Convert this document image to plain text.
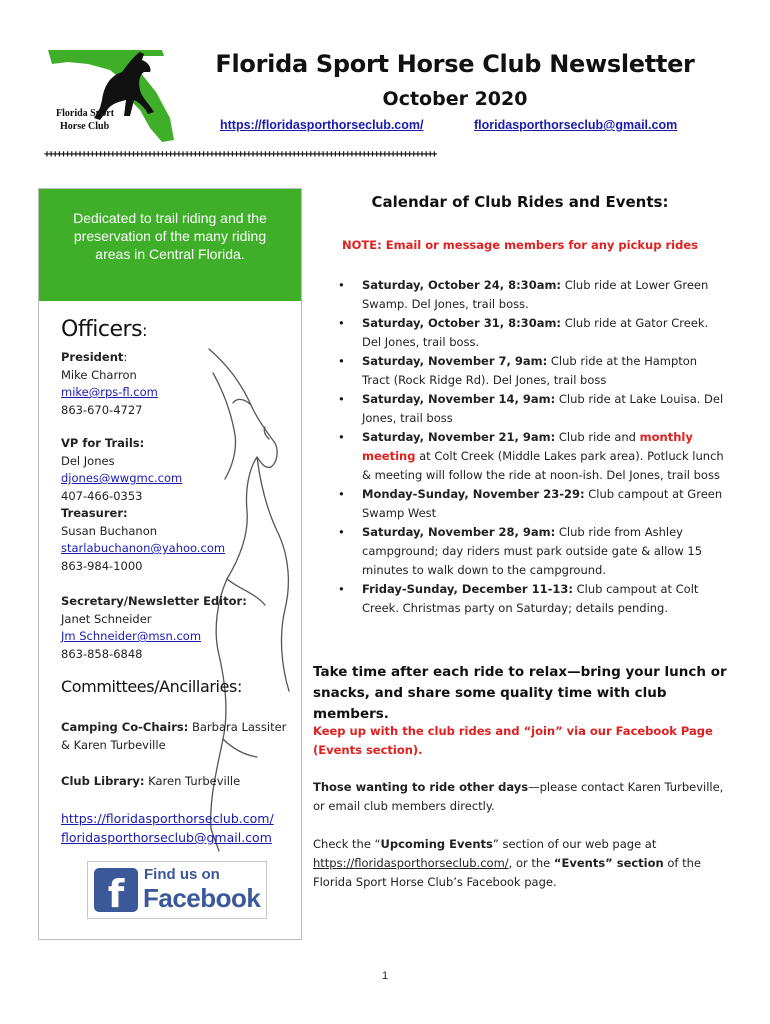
Florida Sport
Horse Club
Florida Sport Horse Club Newsletter
October 2020
https://floridasporthorseclub.com/	floridasporthorseclub@gmail.com
+++++++++++++++++++++++++++++++++++++++++++++++++++++++++++++++++++++++++++++++++++++++++++++++
Dedicated to trail riding and the
preservation of the many riding
areas in Central Florida.
Officers:
President:
Mike Charron
mike@rps-fl.com
863-670-4727
VP for Trails:
Del Jones
djones@wwgmc.com
407-466-0353
Treasurer:
Susan Buchanon
starlabuchanon@yahoo.com
863-984-1000
Secretary/Newsletter Editor:
Janet Schneider
Jm Schneider@msn.com
863-858-6848
Committees/Ancillaries:
Camping Co-Chairs: Barbara Lassiter
& Karen Turbeville
Club Library: Karen Turbeville
https://floridasporthorseclub.com/
floridasporthorseclub@gmail.com
f	Find us on
Facebook
Calendar of Club Rides and Events:
NOTE: Email or message members for any pickup rides
• Saturday, October 24, 8:30am: Club ride at Lower Green Swamp. Del Jones, trail boss.
• Saturday, October 31, 8:30am: Club ride at Gator Creek. Del Jones, trail boss.
• Saturday, November 7, 9am: Club ride at the Hampton Tract (Rock Ridge Rd). Del Jones, trail boss
• Saturday, November 14, 9am: Club ride at Lake Louisa. Del Jones, trail boss
• Saturday, November 21, 9am: Club ride and monthly meeting at Colt Creek (Middle Lakes park area). Potluck lunch & meeting will follow the ride at noon-ish. Del Jones, trail boss
• Monday-Sunday, November 23-29: Club campout at Green Swamp West
• Saturday, November 28, 9am: Club ride from Ashley campground; day riders must park outside gate & allow 15 minutes to walk down to the campground.
• Friday-Sunday, December 11-13: Club campout at Colt Creek. Christmas party on Saturday; details pending.
Take time after each ride to relax—bring your lunch or snacks, and share some quality time with club members.
Keep up with the club rides and “join” via our Facebook Page (Events section).
Those wanting to ride other days—please contact Karen Turbeville, or email club members directly.
Check the “Upcoming Events” section of our web page at https://floridasporthorseclub.com/, or the “Events” section of the Florida Sport Horse Club’s Facebook page.
1
